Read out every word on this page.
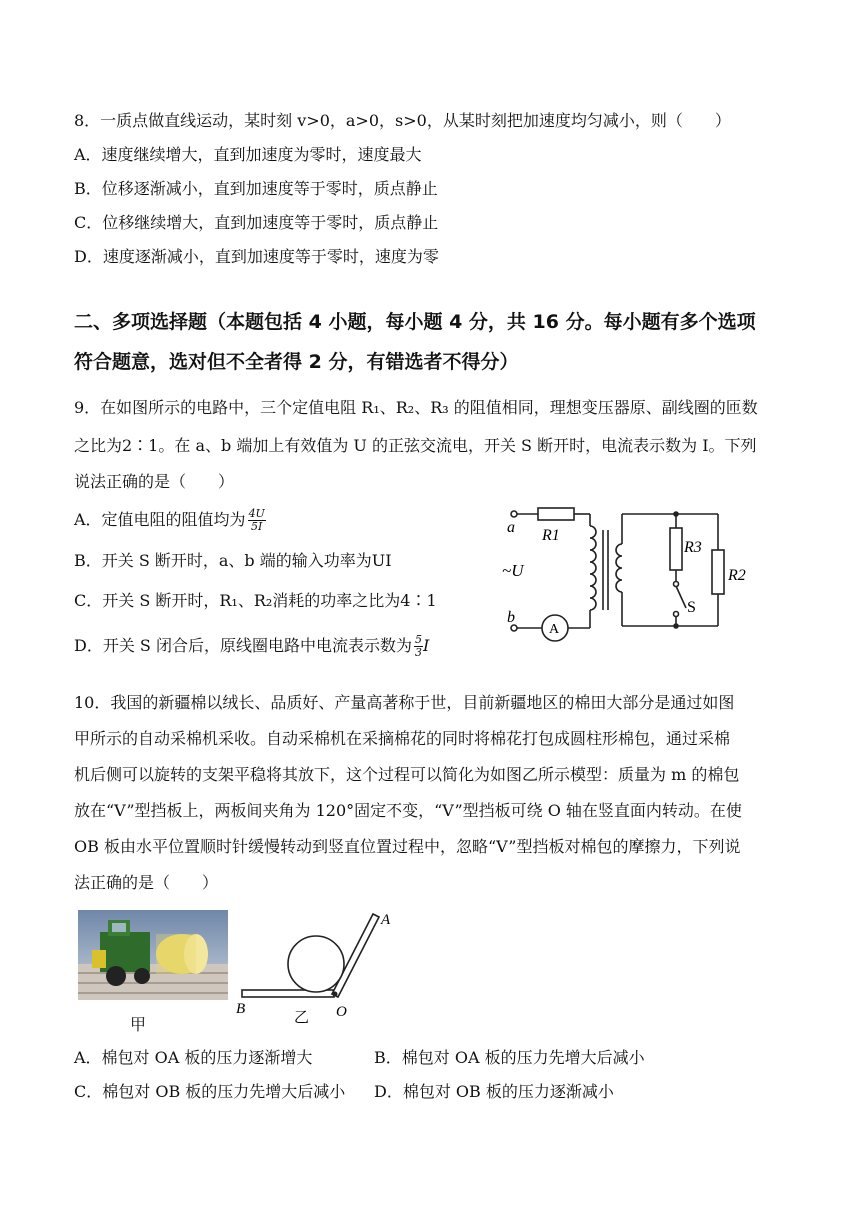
8．一质点做直线运动，某时刻 v>0，a>0，s>0，从某时刻把加速度均匀减小，则（　　）
A．速度继续增大，直到加速度为零时，速度最大
B．位移逐渐减小，直到加速度等于零时，质点静止
C．位移继续增大，直到加速度等于零时，质点静止
D．速度逐渐减小，直到加速度等于零时，速度为零
二、多项选择题（本题包括 4 小题，每小题 4 分，共 16 分。每小题有多个选项
符合题意，选对但不全者得 2 分，有错选者不得分）
9．在如图所示的电路中，三个定值电阻 R₁、R₂、R₃ 的阻值相同，理想变压器原、副线圈的匝数
之比为2∶1。在 a、b 端加上有效值为 U 的正弦交流电，开关 S 断开时，电流表示数为 I。下列
说法正确的是（　　）
A．定值电阻的阻值均为 $\frac{4U}{5I}$
B．开关 S 断开时，a、b 端的输入功率为UI
C．开关 S 断开时，R₁、R₂消耗的功率之比为4∶1
D．开关 S 闭合后，原线圈电路中电流表示数为 $\frac{5}{3}$ I
a
b
~U
R1
R3
R2
S
A
10．我国的新疆棉以绒长、品质好、产量高著称于世，目前新疆地区的棉田大部分是通过如图
甲所示的自动采棉机采收。自动采棉机在采摘棉花的同时将棉花打包成圆柱形棉包，通过采棉
机后侧可以旋转的支架平稳将其放下，这个过程可以简化为如图乙所示模型：质量为 m 的棉包
放在“V”型挡板上，两板间夹角为 120°固定不变，“V”型挡板可绕 O 轴在竖直面内转动。在使
OB 板由水平位置顺时针缓慢转动到竖直位置过程中，忽略“V”型挡板对棉包的摩擦力，下列说
法正确的是（　　）
甲
B	O
A
乙
A．棉包对 OA 板的压力逐渐增大	B．棉包对 OA 板的压力先增大后减小
C．棉包对 OB 板的压力先增大后减小 D．棉包对 OB 板的压力逐渐减小
